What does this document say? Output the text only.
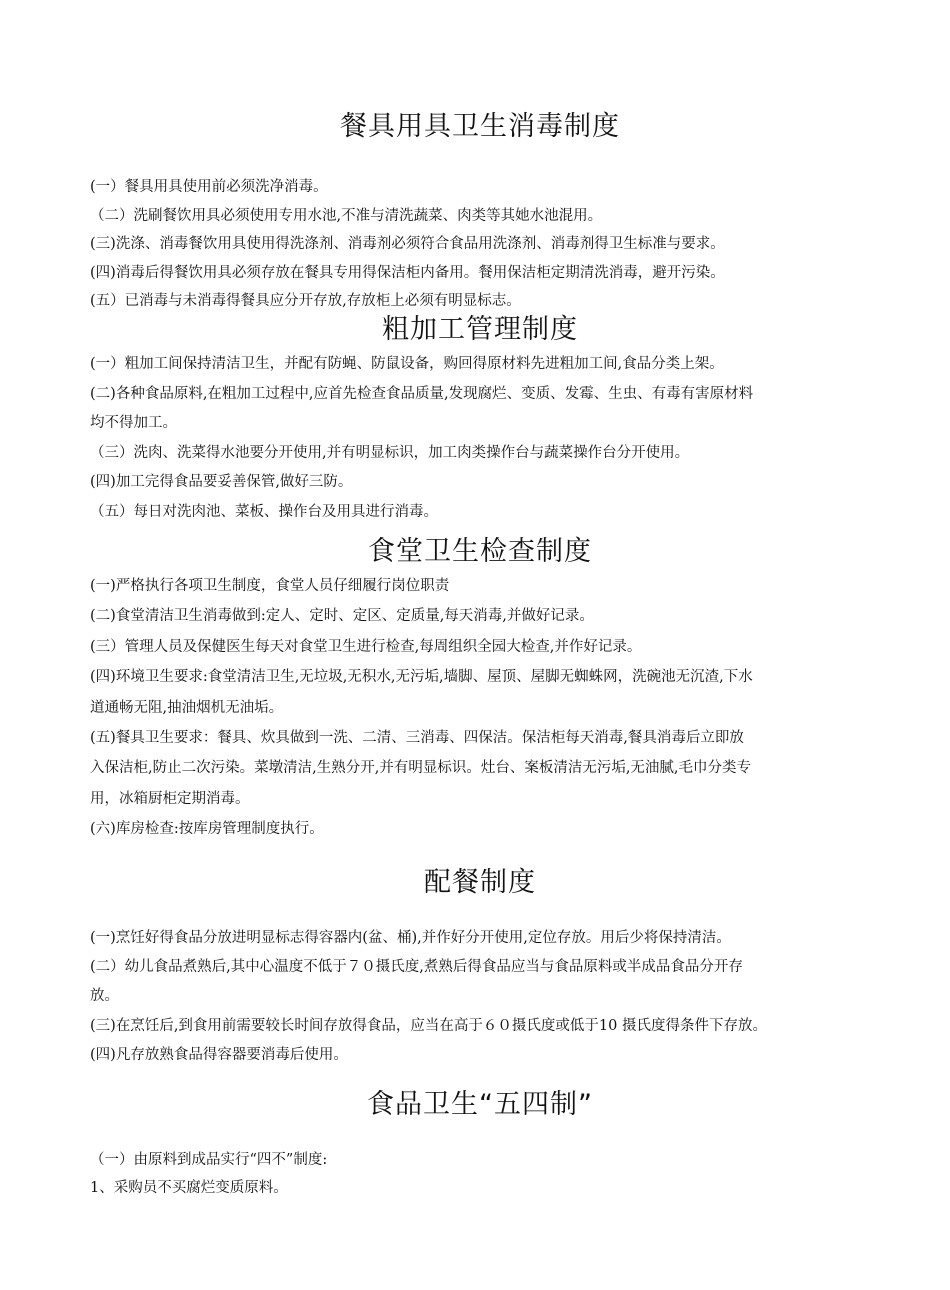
餐具用具卫生消毒制度

(一）餐具用具使用前必须洗净消毒。

（二）洗刷餐饮用具必须使用专用水池,不准与清洗蔬菜、肉类等其她水池混用。

(三)洗涤、消毒餐饮用具使用得洗涤剂、消毒剂必须符合食品用洗涤剂、消毒剂得卫生标准与要求。

(四)消毒后得餐饮用具必须存放在餐具专用得保洁柜内备用。餐用保洁柜定期清洗消毒，避开污染。

(五）已消毒与未消毒得餐具应分开存放,存放柜上必须有明显标志。

粗加工管理制度

(一）粗加工间保持清洁卫生，并配有防蝇、防鼠设备，购回得原材料先进粗加工间,食品分类上架。

(二)各种食品原料,在粗加工过程中,应首先检查食品质量,发现腐烂、变质、发霉、生虫、有毒有害原材料

均不得加工。

（三）洗肉、洗菜得水池要分开使用,并有明显标识，加工肉类操作台与蔬菜操作台分开使用。

(四)加工完得食品要妥善保管,做好三防。

（五）每日对洗肉池、菜板、操作台及用具进行消毒。

食堂卫生检查制度

(一)严格执行各项卫生制度，食堂人员仔细履行岗位职责

(二)食堂清洁卫生消毒做到:定人、定时、定区、定质量,每天消毒,并做好记录。

(三）管理人员及保健医生每天对食堂卫生进行检查,每周组织全园大检查,并作好记录。

(四)环境卫生要求:食堂清洁卫生,无垃圾,无积水,无污垢,墙脚、屋顶、屋脚无蜘蛛网，洗碗池无沉渣,下水

道通畅无阻,抽油烟机无油垢。

(五)餐具卫生要求：餐具、炊具做到一洗、二清、三消毒、四保洁。保洁柜每天消毒,餐具消毒后立即放

入保洁柜,防止二次污染。菜墩清洁,生熟分开,并有明显标识。灶台、案板清洁无污垢,无油腻,毛巾分类专

用，冰箱厨柜定期消毒。

(六)库房检查:按库房管理制度执行。

配餐制度

(一)烹饪好得食品分放进明显标志得容器内(盆、桶),并作好分开使用,定位存放。用后少将保持清洁。

(二）幼儿食品煮熟后,其中心温度不低于７０摄氏度,煮熟后得食品应当与食品原料或半成品食品分开存

放。

(三)在烹饪后,到食用前需要较长时间存放得食品，应当在高于６０摄氏度或低于10 摄氏度得条件下存放。

(四)凡存放熟食品得容器要消毒后使用。

食品卫生“五四制”

（一）由原料到成品实行“四不”制度:

1、采购员不买腐烂变质原料。
